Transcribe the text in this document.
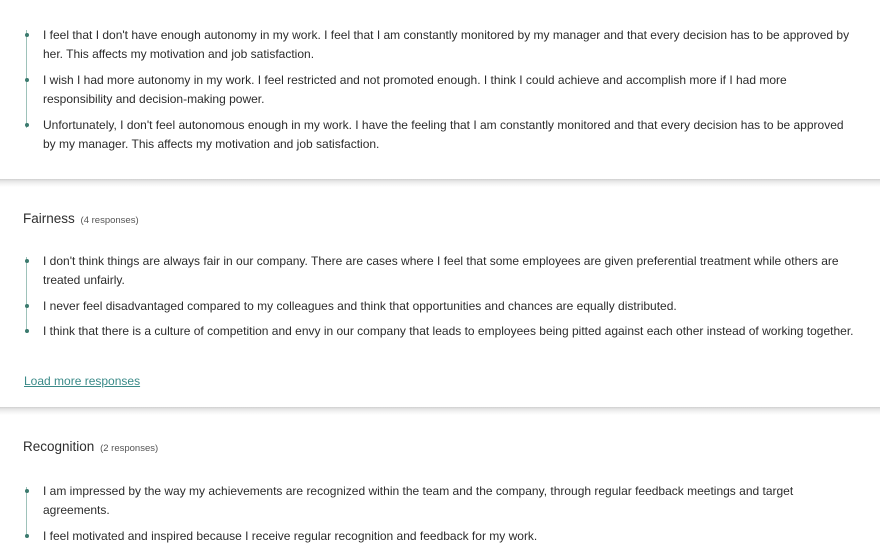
I feel that I don't have enough autonomy in my work. I feel that I am constantly monitored by my manager and that every decision has to be approved by her. This affects my motivation and job satisfaction.
I wish I had more autonomy in my work. I feel restricted and not promoted enough. I think I could achieve and accomplish more if I had more responsibility and decision-making power.
Unfortunately, I don't feel autonomous enough in my work. I have the feeling that I am constantly monitored and that every decision has to be approved by my manager. This affects my motivation and job satisfaction.
Fairness (4 responses)
I don't think things are always fair in our company. There are cases where I feel that some employees are given preferential treatment while others are treated unfairly.
I never feel disadvantaged compared to my colleagues and think that opportunities and chances are equally distributed.
I think that there is a culture of competition and envy in our company that leads to employees being pitted against each other instead of working together.
Load more responses
Recognition (2 responses)
I am impressed by the way my achievements are recognized within the team and the company, through regular feedback meetings and target agreements.
I feel motivated and inspired because I receive regular recognition and feedback for my work.
